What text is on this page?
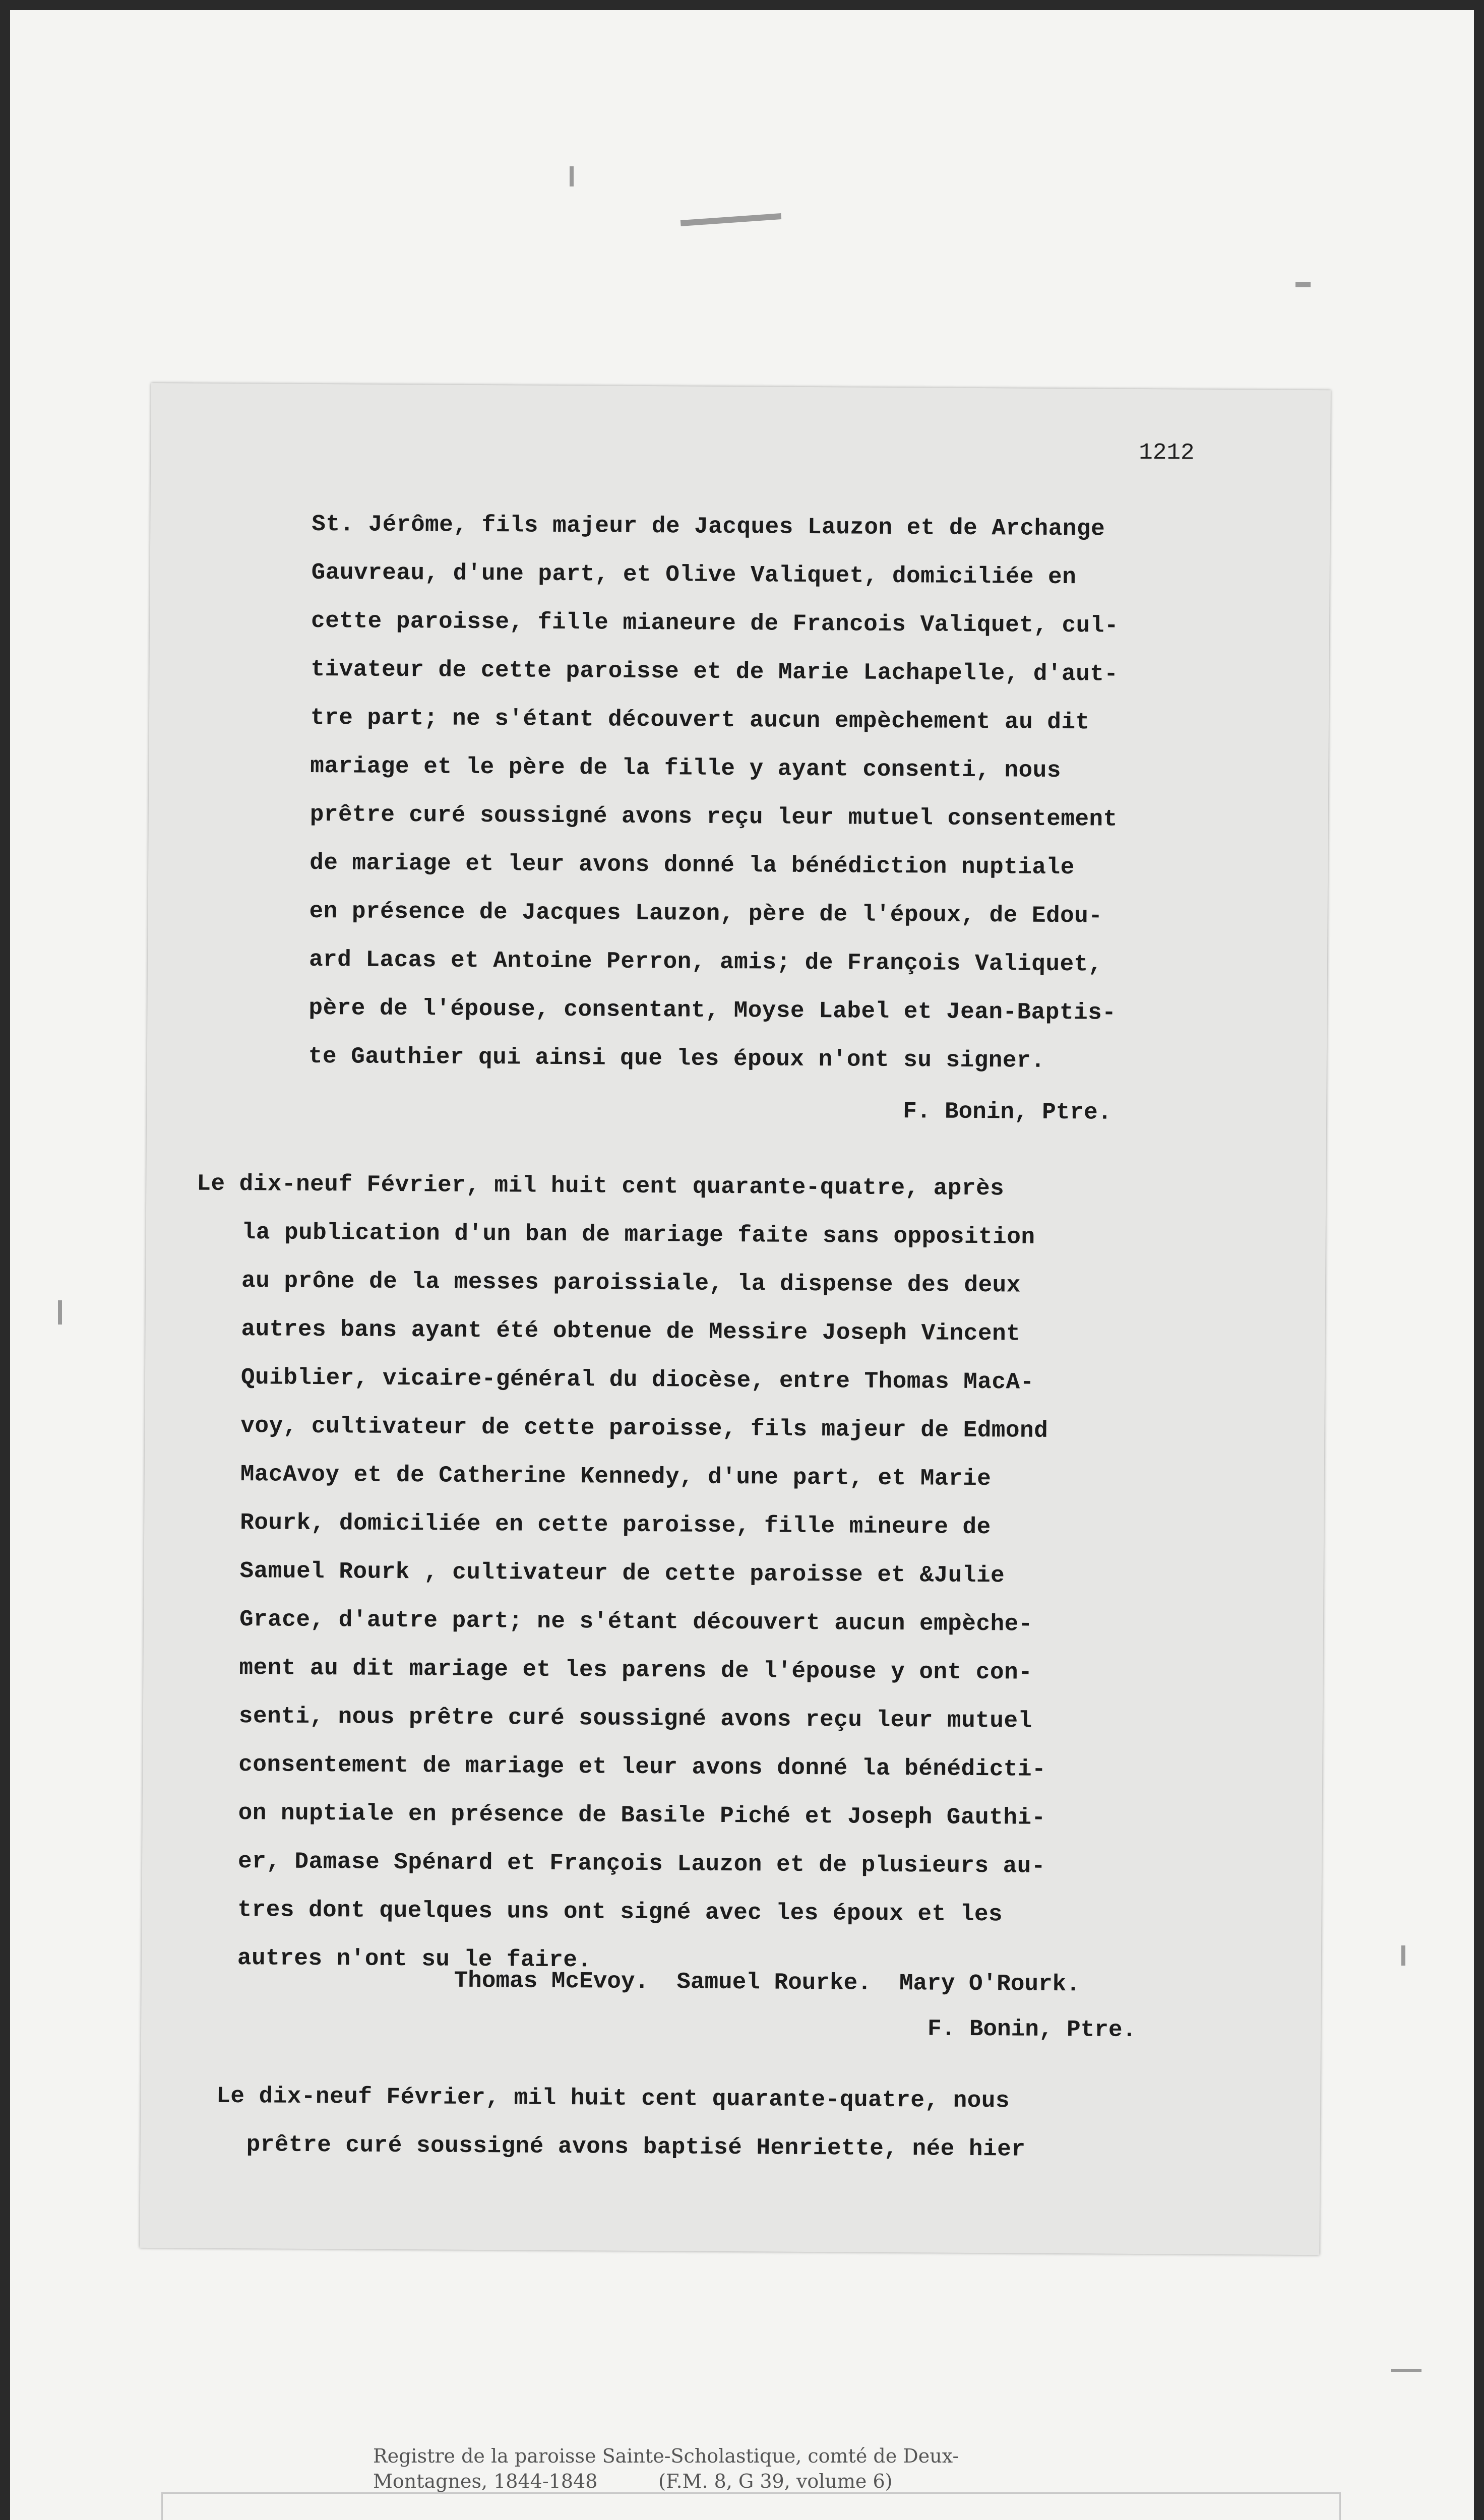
1212
St. Jérôme, fils majeur de Jacques Lauzon et de Archange
Gauvreau, d'une part, et Olive Valiquet, domiciliée en
cette paroisse, fille mianeure de Francois Valiquet, cul-
tivateur de cette paroisse et de Marie Lachapelle, d'aut-
tre part; ne s'étant découvert aucun empèchement au dit
mariage et le père de la fille y ayant consenti, nous
prêtre curé soussigné avons reçu leur mutuel consentement
de mariage et leur avons donné la bénédiction nuptiale
en présence de Jacques Lauzon, père de l'époux, de Edou-
ard Lacas et Antoine Perron, amis; de François Valiquet,
père de l'épouse, consentant, Moyse Label et Jean-Baptis-
te Gauthier qui ainsi que les époux n'ont su signer.
F. Bonin, Ptre.
Le dix-neuf Février, mil huit cent quarante-quatre, après
la publication d'un ban de mariage faite sans opposition
au prône de la messes paroissiale, la dispense des deux
autres bans ayant été obtenue de Messire Joseph Vincent
Quiblier, vicaire-général du diocèse, entre Thomas MacA-
voy, cultivateur de cette paroisse, fils majeur de Edmond
MacAvoy et de Catherine Kennedy, d'une part, et Marie
Rourk, domiciliée en cette paroisse, fille mineure de
Samuel Rourk , cultivateur de cette paroisse et &Julie
Grace, d'autre part; ne s'étant découvert aucun empèche-
ment au dit mariage et les parens de l'épouse y ont con-
senti, nous prêtre curé soussigné avons reçu leur mutuel
consentement de mariage et leur avons donné la bénédicti-
on nuptiale en présence de Basile Piché et Joseph Gauthi-
er, Damase Spénard et François Lauzon et de plusieurs au-
tres dont quelques uns ont signé avec les époux et les
autres n'ont su le faire.
Thomas McEvoy.  Samuel Rourke.  Mary O'Rourk.
F. Bonin, Ptre.
Le dix-neuf Février, mil huit cent quarante-quatre, nous
prêtre curé soussigné avons baptisé Henriette, née hier
Registre de la paroisse Sainte-Scholastique, comté de Deux-
Montagnes, 1844-1848          (F.M. 8, G 39, volume 6)
